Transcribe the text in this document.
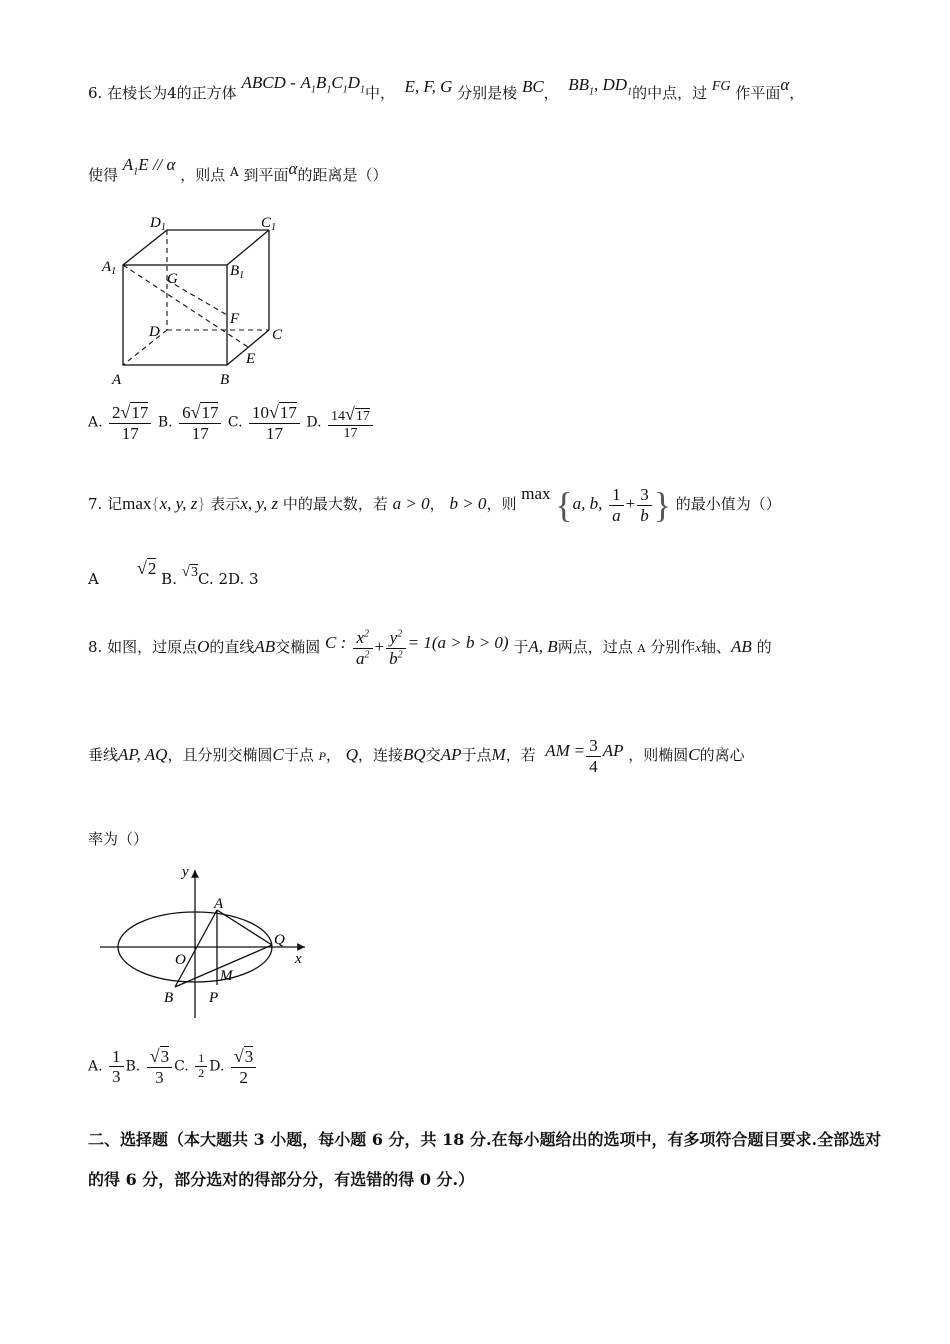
6. 在棱长为4的正方体 ABCD - $A_1B_1C_1D_1$中， E, F, G 分别是棱 BC， $BB_1$, $DD_1$的中点，过 FG 作平面α，
使得 $A_1E$ // α ，则点 $^A$ 到平面α的距离是（）
$D_1$	$C_1$
$A_1$	G	$B_1$
D
F
C
E
A	B
A. $\frac{2√17}{17} B$. $\frac{6√17}{17} C$. $\frac{10√17}{17} D$. $\frac{14√17}{17}$
7. 记max{x, y, z} 表示x, y, z 中的最大数，若 a > 0， b > 0，则 max {a, b, $\frac{1}{a} + \frac{3}{b}$ } 的最小值为（）
A        √2 B. √3C. 2D. 3
8. 如图，过原点O的直线AB交椭圆 C : $\frac{x^2}{a^2} + \frac{y^2}{b^2} = 1(a > b > 0)$ 于A, B两点，过点 A 分别作x轴、AB 的
垂线AP, AQ，且分别交椭圆C于点 P， Q，连接BQ交AP于点M，若 AM = $\frac{3}{4}$ AP ，则椭圆C的离心
率为（）
y
A
Q
O	x
M
B P
A. $\frac{1}{3} B$. $\frac{√3}{3} C$. $\frac{1}{2} D$. $\frac{√3}{2}$
二、选择题（本大题共 3 小题，每小题 6 分，共 18 分.在每小题给出的选项中，有多项符合题目要求.全部选对的得 6 分，部分选对的得部分分，有选错的得 0 分.）
